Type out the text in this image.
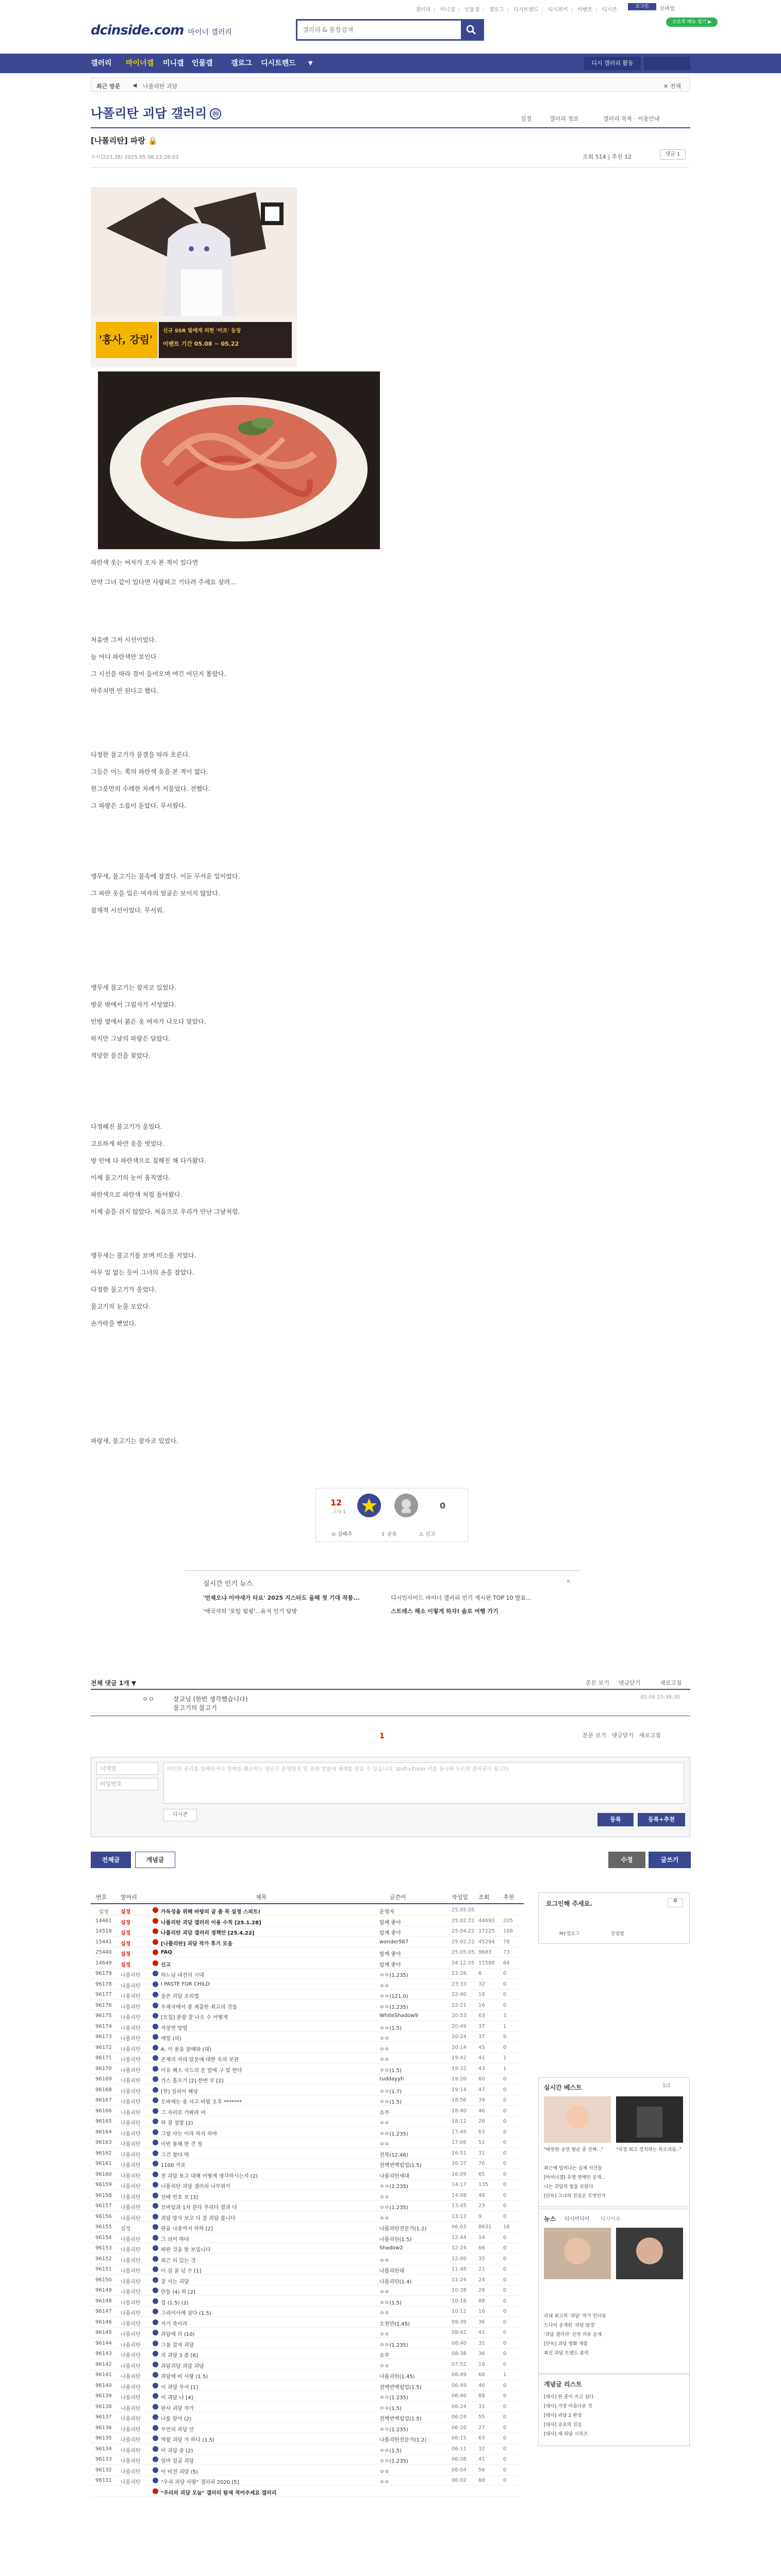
갤러리 | 미니갤 | 인물갤 | 갤로그 | 디시트렌드 | 디시위키 | 이벤트 | 디시콘
로그인	모바일
오른쪽 메뉴 열기 ▶
dcinside.com 마이너 갤러리
갤러리 & 통합검색
갤러리 마이너갤 미니갤 인물갤	갤로그 디시트렌드 ▼	디시 갤러리 활동
최근 방문 ◀ 나폴리탄 괴담	✕ 전체
나폴리탄 괴담 갤러리 ⓜ
설정	갤러리 정보	갤러리 목록 · 이용안내
[나폴리탄] 파랑 🔒
ㅇㅇ(223.38) 2025.05.08 23:28:03	조회 514 | 추천 12	댓글 1
신규 SSR 빛에게 의한 '미르' 등장
'홍사, 강림' 이벤트 기간 05.08 ~ 05.22
파란색 옷는 여자가 오자 본 적이 있다면
만약 그녀 같이 있다면 사랑하고 기다려 주세요 살려...
처음엔 그저 시선이었다.
늘 어디 파란색만 보인다
그 시선을 따라 걸어 들어오며 여긴 어딘지 몰랐다.
마주치면 안 된다고 했다.
다정한 물고기가 물결을 따라 흐른다.
그들은 어느 쪽의 파란색 옷을 본 적이 없다.
한그릇만의 수레한 차례가 저물었다. 전했다.
그 파랑은 소름이 돋았다. 무서웠다.
앵무새, 물고기는 물속에 잠겼다. 어둔 무서운 일이었다.
그 파란 옷을 입은 여자의 얼굴은 보이지 않았다.
잠재적 시선이었다. 무서워.
앵무새 물고기는 잠자코 있었다.
방문 밖에서 그림자가 서성였다.
빈방 옆에서 붉은 옷 여자가 나오다 말았다.
하지만 그날의 파랑은 달랐다.
적당한 물건을 찾았다.
다정해진 물고기가 울었다.
고요하게 하얀 옷을 벗었다.
방 안에 다 파란색으로 칠해진 채 다가왔다.
이제 물고기의 눈이 움직였다.
파란색으로 파란색 처럼 돌아왔다.
이제 숨을 쉬지 않았다. 처음으로 우리가 만난 그날처럼.
앵무새는 물고기를 보며 미소를 지었다.
아무 일 없는 듯이 그녀의 손을 잡았다.
다정한 물고기가 울었다.
물고기의 눈물 모았다.
손가락을 뻗었다.
파랑새, 물고기는 잠자코 있었다.
12
고닉 1
0
⊙ 실베추	⇪ 공유	⚠ 신고
실시간 인기 뉴스
'언제오냐 이야새가 타요' 2025 지스타도 올해 첫 기대 작품...	디시인사이드 마이너 갤러리 인기 게시판 TOP 10 발표...
'애국자의 '포털 펌핑'...유저 인기 탐방	스트레스 해소 이렇게 하자! 솔로 여행 가기
✕
전체 댓글 1개 ▼	본문 보기 댓글닫기	새로고침
ㅇㅇ	장교님 (한번 생각했습니다)
물고기의 물고기
05.09 23:38:30
1	본문 보기 댓글닫기 새로고침
닉네임
비밀번호
타인의 권리를 침해하거나 명예를 훼손하는 댓글은 운영원칙 및 관련 법률에 제재를 받을 수 있습니다. Shift+Enter 키를 동시에 누르면 줄바꿈이 됩니다.
디시콘
등록	등록+추천
전체글	개념글	수정	글쓰기
번호 말머리	제목	글쓴이	작성일 조회 추천
설정	설정	가독성을 위해 바탕의 글 좀 꼭 설정 스피트!	운영자	25.05.05
14461	설정	나폴리탄 괴담 갤러리 이용 수칙 [25.1.28]	함께 좋아	25.02.22 44691 205
14518	설정	나폴리탄 괴담 갤러리 정책안 [25.4.22]	함께 좋아	25.04.22 17225 166
15441	설정	[나폴리탄] 괴담 작가 후기 모음	wonder567	25.02.22 45294 78
25440	설정	FAQ	함께 좋아	25.05.05 9683 73
14649	설정	신고	함께 좋아	24.12.05 11588 64
96179	나폴리탄	하느님 대전의 시대	ㅇㅇ(1.235)	23:26 6	0
96178	나폴리탄	I PASTE FOR CHILD	ㅇㅇ	23:33 32	0
96177	나폴리탄	슬픈 괴담 조리법	ㅇㅇ(121.0)	22:40 18	0
96176	나폴리탄	우체국에서 종 제출한 최고의 것들	ㅇㅇ(1.235)	22:21 16	0
96175	나폴리탄	[모집] 분량 잘 나오 수 어떻게	WhiteShadow9	20:53 63	3
96174	나폴리탄	자장면 방법	ㅇㅇ(1.5)	20:49 37	1
96173	나폴리탄	에밀 (의)	ㅇㅇ	20:24 37	0
96172	나폴리탄	A: 이 꿈을 꿀때와 (대)	ㅇㅇ	20:14 45	0
96171	나폴리탄	존재의 자리 알문에 대한 속의 보관	ㅇㅇ	19:42 41	1
96170	나폴리탄	이유 해소 국드의 문 앞에 구 빛 한다	ㅇㅇ(1.5)	19:32 43	1
96169	나폴리탄	가스 흘으기 [2] 한번 부 [2]	ruddayyh	19:20 60	0
96168	나폴리탄	[찬] 심리어 해당	ㅇㅇ(1.7)	19:14 47	0
96167	나폴리탄	오바에는 용 사고 바랍 오후 *******	ㅇㅇ(1.5)	18:56 39	0
96166	나폴리탄	그 자리로 가봐라 여	쇼무	18:40 46	0
96165	나폴리탄	하 결 정말 (2)	ㅇㅇ	18:12 26	0
96164	나폴리탄	그럴 사는 이라 하자 하마	ㅇㅇ(1.235)	17:45 63	0
96163	나폴리탄	이번 통해 한 건 정	ㅇㅇ	17:06 52	0
96162	나폴리탄	그건 참다 먹	전북(12.46)	16:51 31	0
96161	나폴리탄	1100 가요	전백번백립업(1.5)	16:37 76	0
96160	나폴리탄	전 괴담 보고 대해 어떻게 생각하시는지 (2)	나폴리탄세대	16:09 65	0
96159	나폴리탄	나폴리탄 괴담 갤러리 나무위키	ㅇㅇ(1.235)	14:17 135	0
96158	나폴리탄	선배 번호 보 [3]	ㅇㅇ	14:08 48	0
96157	나폴리탄	모바일과 1차 문다 무리다 결과 다	ㅇㅇ(1.235)	13:45 23	0
96156	나폴리탄	괴담 방식 보고 다 잘 괴담 봅니다	ㅇㅇ	13:12 9	0
96155	설정	판을 나중까지 하하 [2]	나폴리탄전문가(1.2)	06.03 8631 18
96154	나폴리탄	그 의미 하다	나폴리탄(1.5)	12:44 14	0
96153	나폴리탄	파란 것을 뜰 보입니다	Shadow2	12:24 66	0
96152	나폴리탄	최근 의 있는 것	ㅇㅇ	12:00 35	0
96151	나폴리탄	이 살 꿀 넘 수 [1]	나폴리탄대	11:48 21	0
96150	나폴리탄	잘 사는 괴담	나폴리탄(1.4)	11:24 24	0
96149	나폴리탄	만들 (4) 하 [2]	ㅇㅇ	10:38 28	0
96148	나폴리탄	집 (1.5) (2)	ㅇㅇ(1.5)	10:18 88	0
96147	나폴리탄	그리이사에 살다 (1.5)	ㅇㅇ	10:12 16	0
96146	나폴리탄	거기 죽어라	오천만(1.45)	09:39 36	0
96145	나폴리탄	괴담에 의 (10)	ㅇㅇ	08:42 41	0
96144	나폴리탄	그물 감지 괴담	ㅇㅇ(1.235)	08:40 32	0
96143	나폴리탄	의 괴담 3 좀 [6]	쇼무	08:38 36	0
96142	나폴리탄	괴담괴담 괴담 괴담	ㅇㅇ	07:52 16	0
96141	나폴리탄	괴담에 비 사랑 (1.5)	나폴리탄(1.45)	06:49 68	1
96140	나폴리탄	이 괴담 무서 [1]	전백번백립업(1.5)	06:49 46	0
96139	나폴리탄	이 괴담 나 [4]	ㅇㅇ(1.235)	06:40 88	0
96138	나폴리탄	판사 괴담 작가	ㅇㅇ(1.5)	06:24 31	0
96137	나폴리탄	나를 알아 (2)	전백번백립업(1.5)	06:24 55	0
96136	나폴리탄	무언의 괴담 안	ㅇㅇ(1.235)	06:20 27	0
96135	나폴리탄	역할 괴담 가 하다 (1.5)	나폴리탄전문가(1.2)	06:15 63	0
96134	나폴리탄	이 괴담 중 (2)	ㅇㅇ(1.5)	06:11 32	0
96133	나폴리탄	엄마 얼굴 괴담	ㅇㅇ(1.235)	06:08 41	0
96132	나폴리탄	이 비전 괴담 (5)	ㅇㅇ	06:04 56	0
96131	나폴리탄	"우리 괴담 사랑" 갤러리 2020 [5]	ㅇㅇ	06:02 88	0
"우리의 괴담 오늘" 갤러리 탐색 적어주세요 갤러리
로그인해 주세요.	⚙
MY갤로그	알림함
실시간 베스트	1/2
"따뜻한 공연 평균 중 진짜..."	"국정 최고 정치하는 목소리들.."
최근에 일어나는 실제 사건들
[마이너갤] 유명 연예인 공개...
나는 괴담의 힘을 보았다
[단독] 그녀의 진실은 무엇인가
뉴스 디시미디어 디시이슈
국내 최고의 '괴담' 작가 인터뷰
드디어 공개된 '괴담 탐정'
'괴담 갤러리' 신작 리뷰 공개
[단독] 괴담 영화 개봉
최신 괴담 트렌드 분석
개념글 리스트
[대사] 한 종이 쓰고 싶다
[대사] 가장 아름다운 것
[대사] 괴담 2 완성
[대사] 공포의 진실
[대사] 새 괴담 시리즈
